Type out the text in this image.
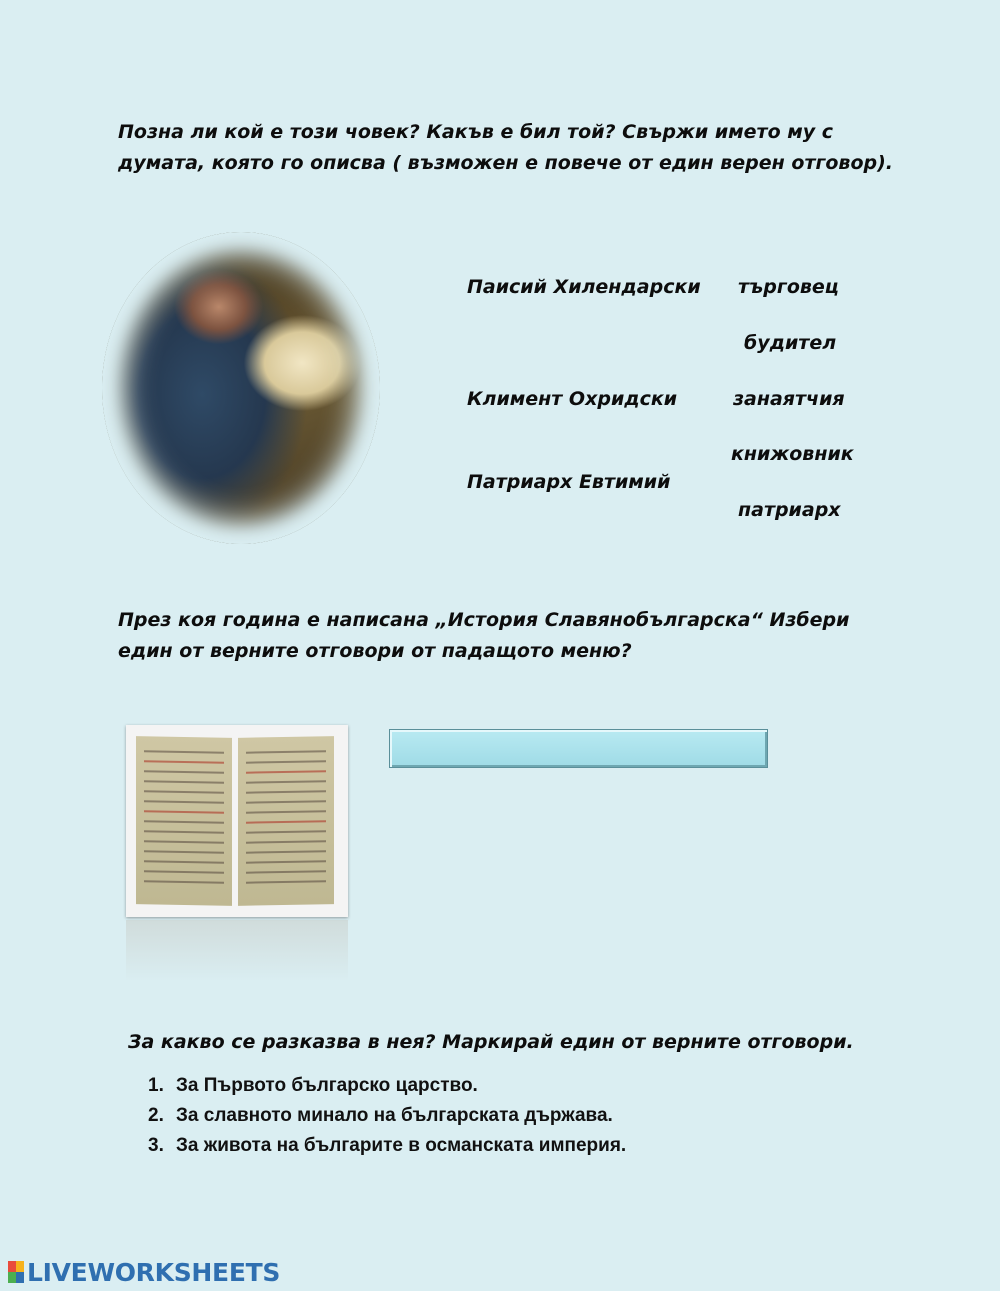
Позна ли кой е този човек? Какъв е бил той? Свържи името му с думата, която го описва ( възможен е повече от един верен отговор).
Паисий Хилендарски
Климент Охридски
Патриарх Евтимий
търговец
будител
занаятчия
книжовник
патриарх
През коя година е написана „История Славянобългарска“ Избери един от верните отговори от падащото меню?
За какво се разказва в нея? Маркирай един от верните отговори.
1. За Първото българско царство.
2. За славното минало на българската държава.
3. За живота на българите в османската империя.
LIVEWORKSHEETS
